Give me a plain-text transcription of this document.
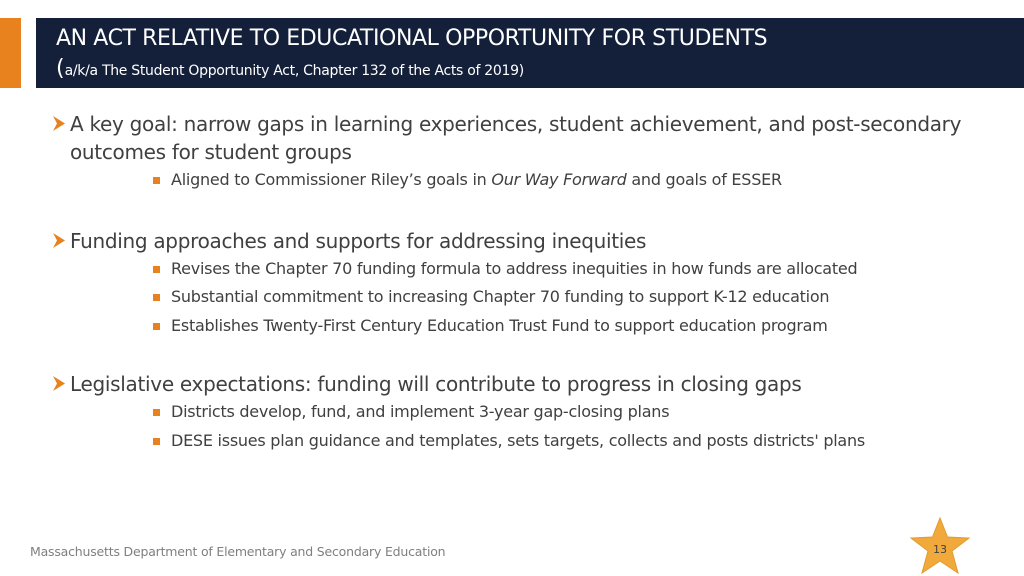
AN ACT RELATIVE TO EDUCATIONAL OPPORTUNITY FOR STUDENTS
(a/k/a The Student Opportunity Act, Chapter 132 of the Acts of 2019)
A key goal: narrow gaps in learning experiences, student achievement, and post-secondary outcomes for student groups
Aligned to Commissioner Riley’s goals in Our Way Forward and goals of ESSER
Funding approaches and supports for addressing inequities
Revises the Chapter 70 funding formula to address inequities in how funds are allocated
Substantial commitment to increasing Chapter 70 funding to support K-12 education
Establishes Twenty-First Century Education Trust Fund to support education program
Legislative expectations: funding will contribute to progress in closing gaps
Districts develop, fund, and implement 3-year gap-closing plans
DESE issues plan guidance and templates, sets targets, collects and posts districts' plans
Massachusetts Department of Elementary and Secondary Education	13
